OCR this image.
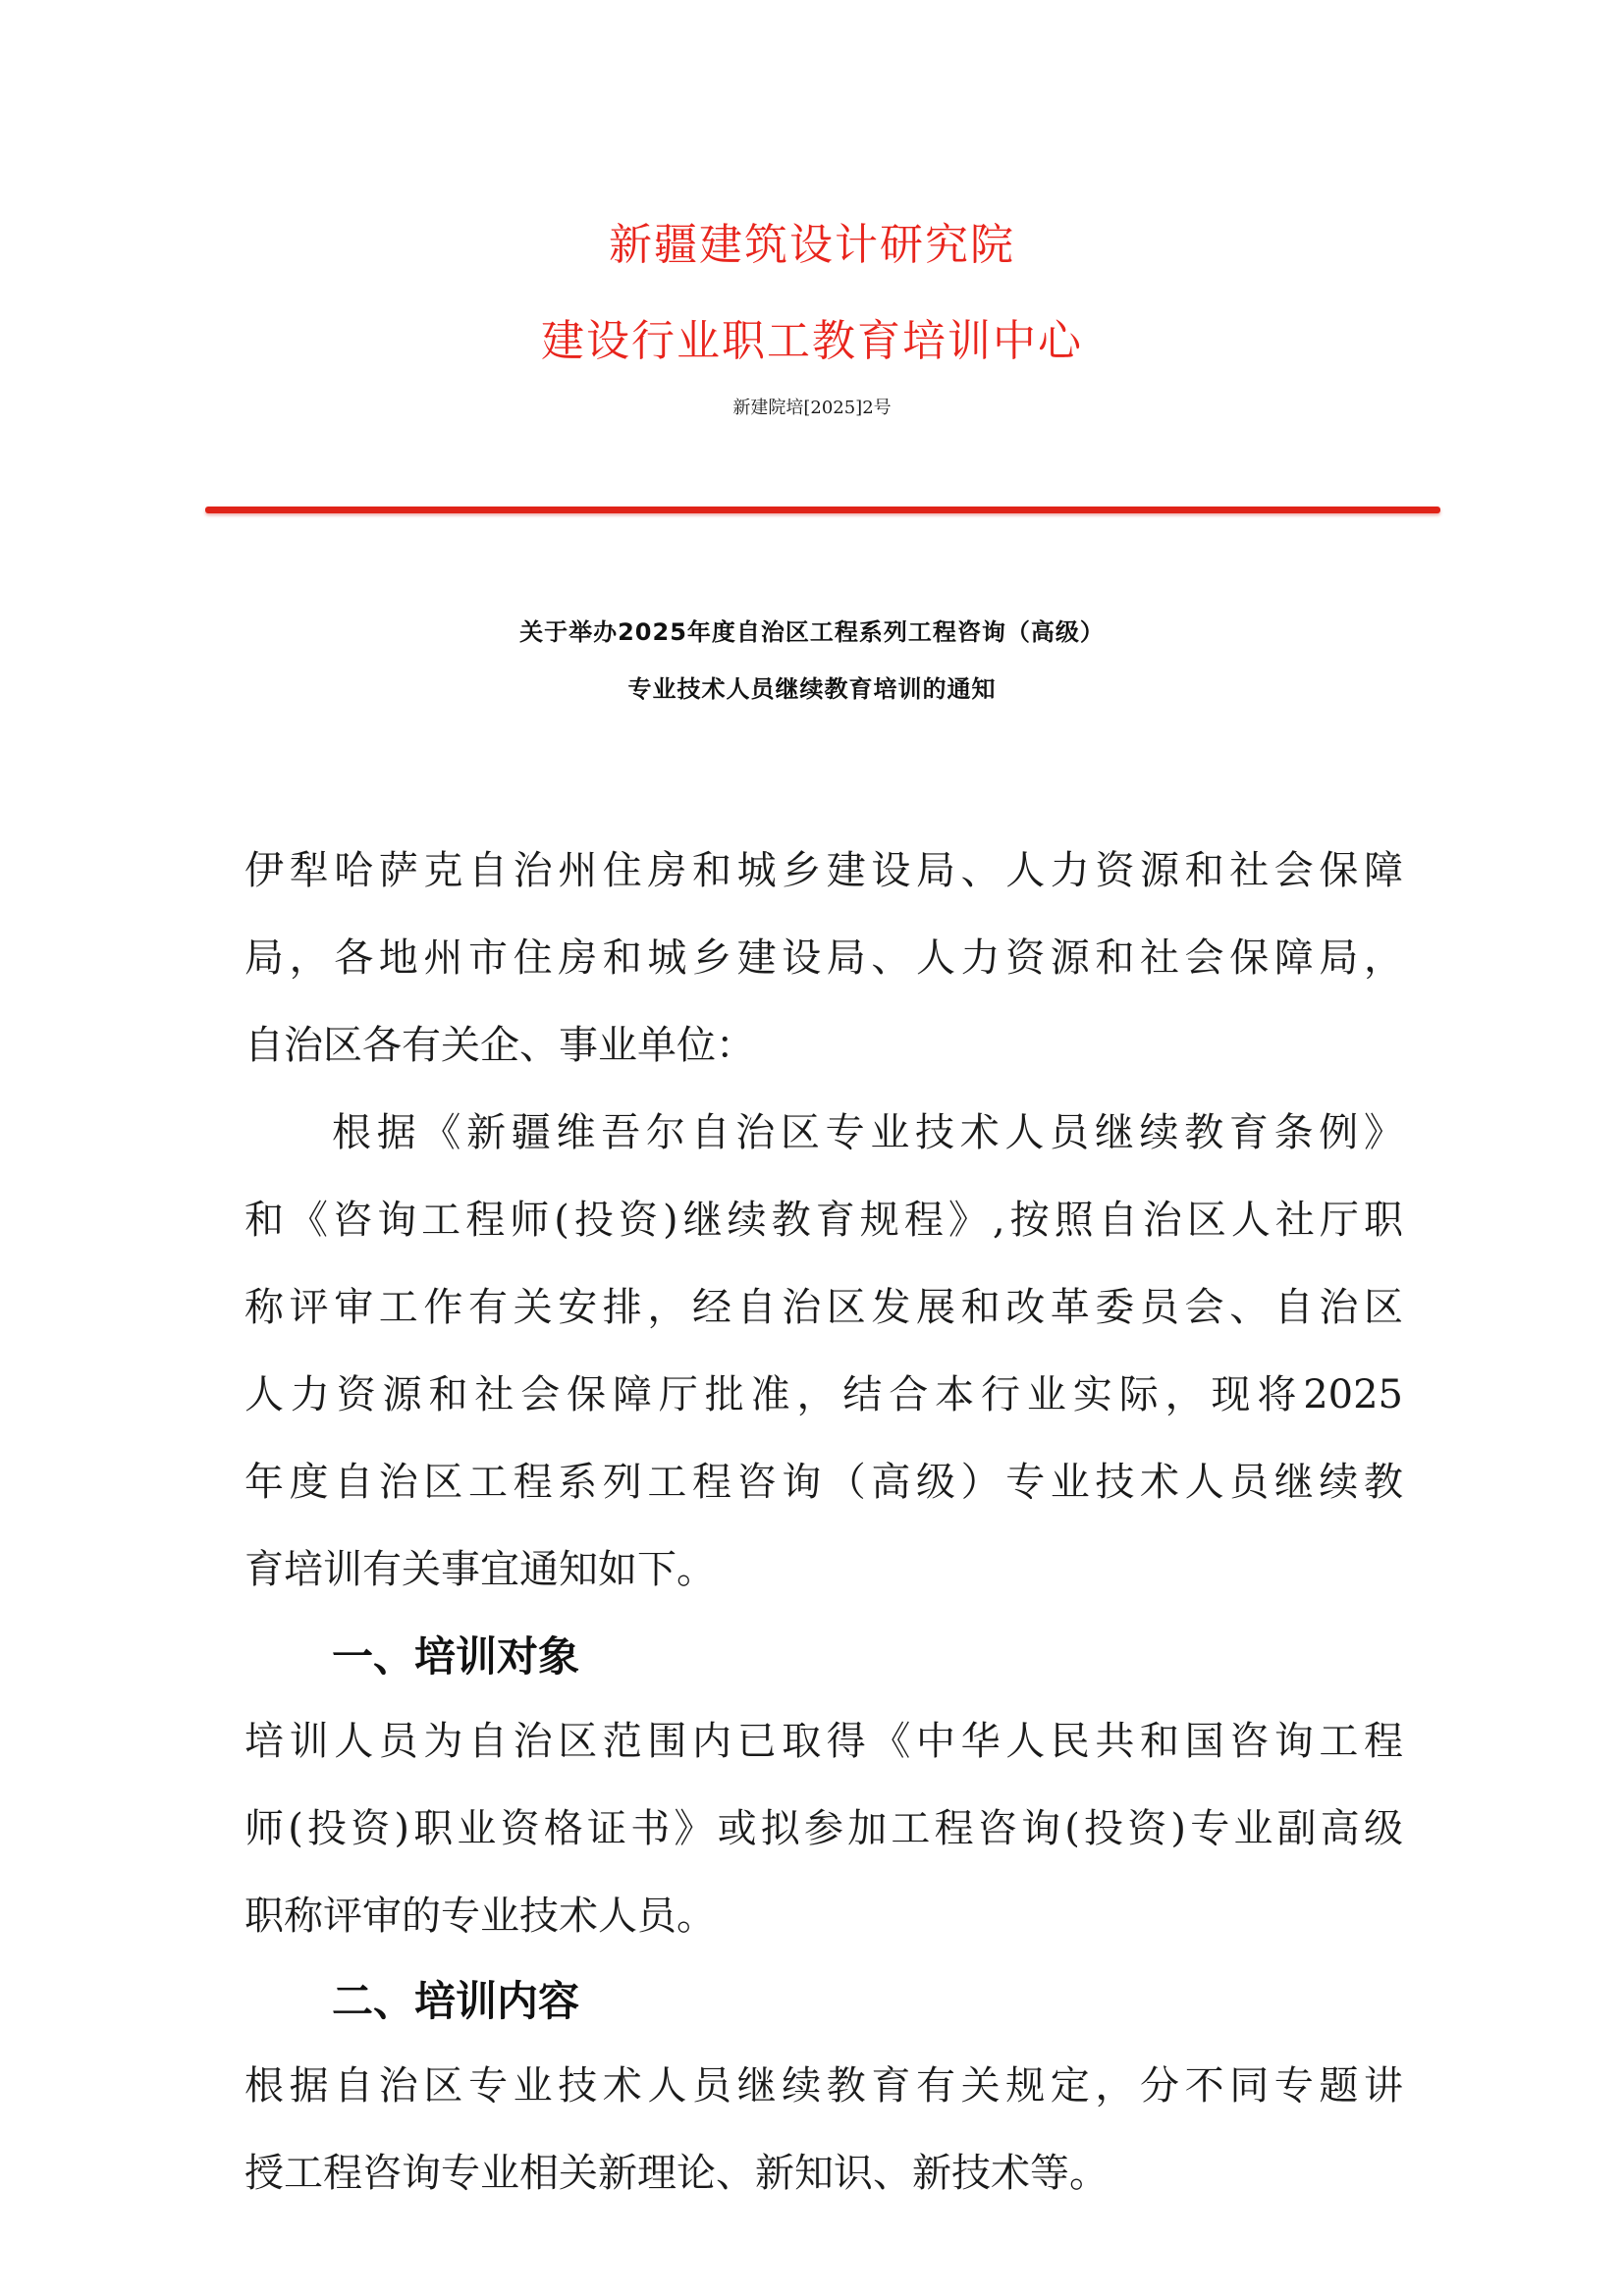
新疆建筑设计研究院
建设行业职工教育培训中心
新建院培[2025]2号
关于举办2025年度自治区工程系列工程咨询（高级）
专业技术人员继续教育培训的通知
伊犁哈萨克自治州住房和城乡建设局、人力资源和社会保障
局，各地州市住房和城乡建设局、人力资源和社会保障局，
自治区各有关企、事业单位：
根据《新疆维吾尔自治区专业技术人员继续教育条例》
和《咨询工程师(投资)继续教育规程》,按照自治区人社厅职
称评审工作有关安排，经自治区发展和改革委员会、自治区
人力资源和社会保障厅批准，结合本行业实际，现将2025
年度自治区工程系列工程咨询（高级）专业技术人员继续教
育培训有关事宜通知如下。
一、培训对象
培训人员为自治区范围内已取得《中华人民共和国咨询工程
师(投资)职业资格证书》或拟参加工程咨询(投资)专业副高级
职称评审的专业技术人员。
二、培训内容
根据自治区专业技术人员继续教育有关规定，分不同专题讲
授工程咨询专业相关新理论、新知识、新技术等。
